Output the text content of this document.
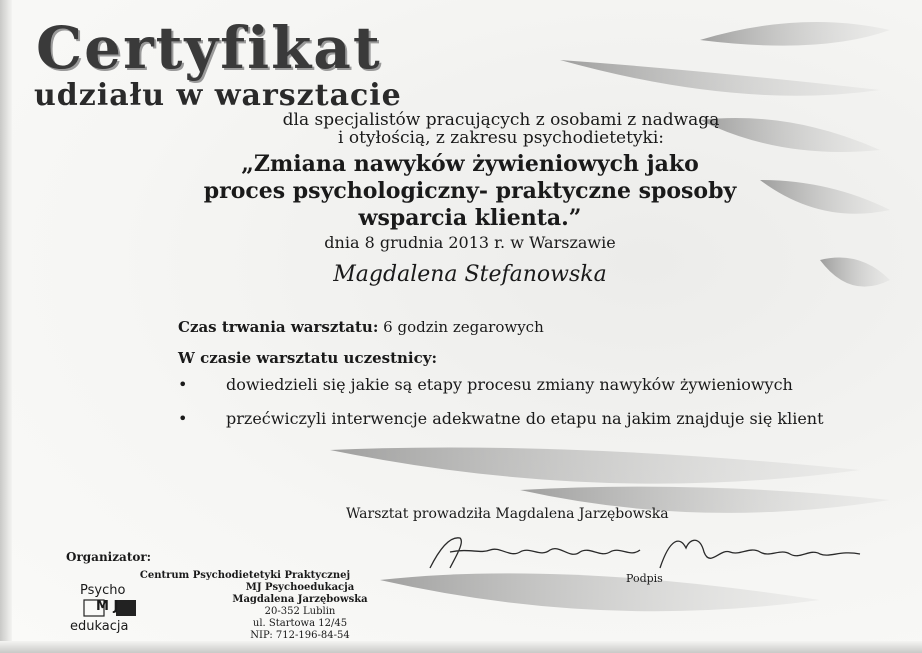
Certyfikat
udziału w warsztacie
dla specjalistów pracujących z osobami z nadwagą
i otyłością, z zakresu psychodietetyki:
„Zmiana nawyków żywieniowych jako
proces psychologiczny- praktyczne sposoby
wsparcia klienta.”
dnia 8 grudnia 2013 r. w Warszawie
Magdalena Stefanowska
Czas trwania warsztatu: 6 godzin zegarowych
W czasie warsztatu uczestnicy:
• dowiedzieli się jakie są etapy procesu zmiany nawyków żywieniowych
• przećwiczyli interwencje adekwatne do etapu na jakim znajduje się klient
Warsztat prowadziła Magdalena Jarzębowska
Podpis
Organizator:
Centrum Psychodietetyki Praktycznej
MJ Psychoedukacja
Magdalena Jarzębowska
20-352 Lublin
ul. Startowa 12/45
NIP: 712-196-84-54
Psycho
M J
edukacja
